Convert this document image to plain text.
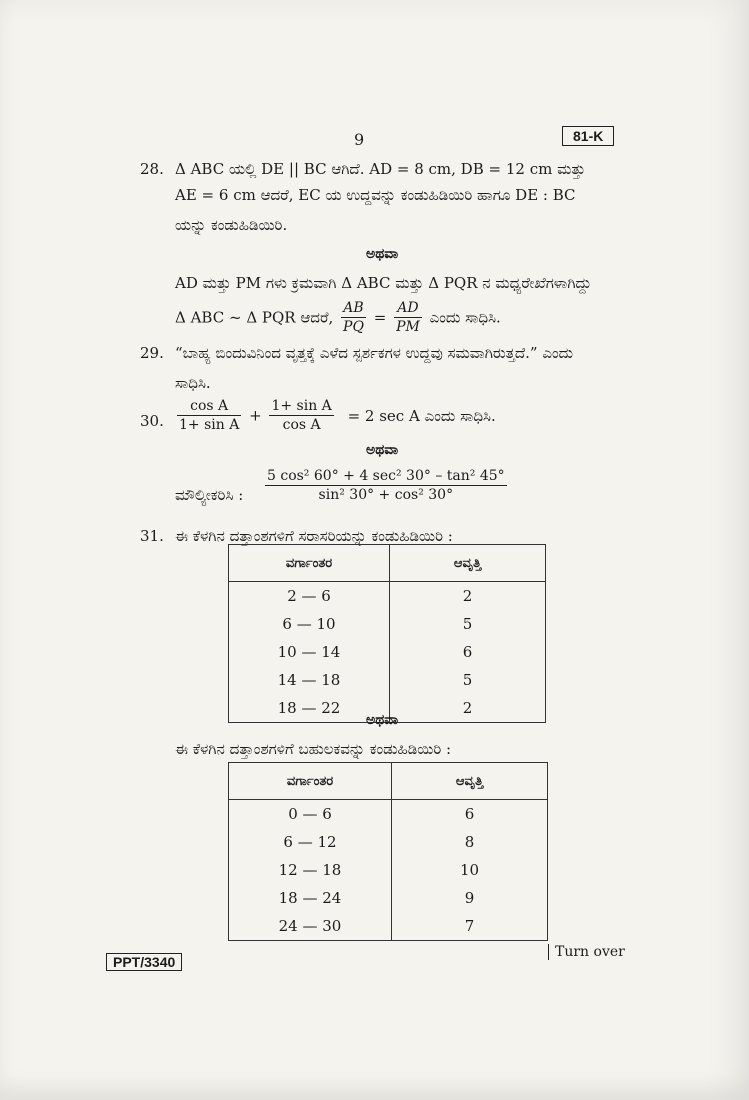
9	81-K
28. Δ ABC ಯಲ್ಲಿ DE || BC ಆಗಿದೆ. AD = 8 cm, DB = 12 cm ಮತ್ತು
AE = 6 cm ಆದರೆ, EC ಯ ಉದ್ದವನ್ನು ಕಂಡುಹಿಡಿಯಿರಿ ಹಾಗೂ DE : BC
ಯನ್ನು ಕಂಡುಹಿಡಿಯಿರಿ.
ಅಥವಾ
AD ಮತ್ತು PM ಗಳು ಕ್ರಮವಾಗಿ Δ ABC ಮತ್ತು Δ PQR ನ ಮಧ್ಯರೇಖೆಗಳಾಗಿದ್ದು
Δ ABC ~ Δ PQR ಆದರೆ, $\frac{AB}{PQ} = \frac{AD}{PM}$ ಎಂದು ಸಾಧಿಸಿ.
29. “ಬಾಹ್ಯ ಬಿಂದುವಿನಿಂದ ವೃತ್ತಕ್ಕೆ ಎಳೆದ ಸ್ಪರ್ಶಕಗಳ ಉದ್ದವು ಸಮವಾಗಿರುತ್ತದೆ.” ಎಂದು
ಸಾಧಿಸಿ.
30. $\frac{\text{cos A}}{\text{1+ sin A}} + \frac{\text{1+ sin A}}{\text{cos A}} = 2$ sec A ಎಂದು ಸಾಧಿಸಿ.
ಅಥವಾ
ಮೌಲ್ಯೀಕರಿಸಿ : $\frac{\text{5 cos² 60° + 4 sec² 30° – tan² 45°}}{\text{sin² 30° + cos² 30°}}$
31. ಈ ಕೆಳಗಿನ ದತ್ತಾಂಶಗಳಿಗೆ ಸರಾಸರಿಯನ್ನು ಕಂಡುಹಿಡಿಯಿರಿ :
ವರ್ಗಾಂತರ	ಆವೃತ್ತಿ
2 — 6	2
6 — 10	5
10 — 14	6
14 — 18	5
18 — 22	2
ಅಥವಾ
ಈ ಕೆಳಗಿನ ದತ್ತಾಂಶಗಳಿಗೆ ಬಹುಲಕವನ್ನು ಕಂಡುಹಿಡಿಯಿರಿ :
ವರ್ಗಾಂತರ	ಆವೃತ್ತಿ
0 — 6	6
6 — 12	8
12 — 18	10
18 — 24	9
24 — 30	7
PPT/3340
Turn over
